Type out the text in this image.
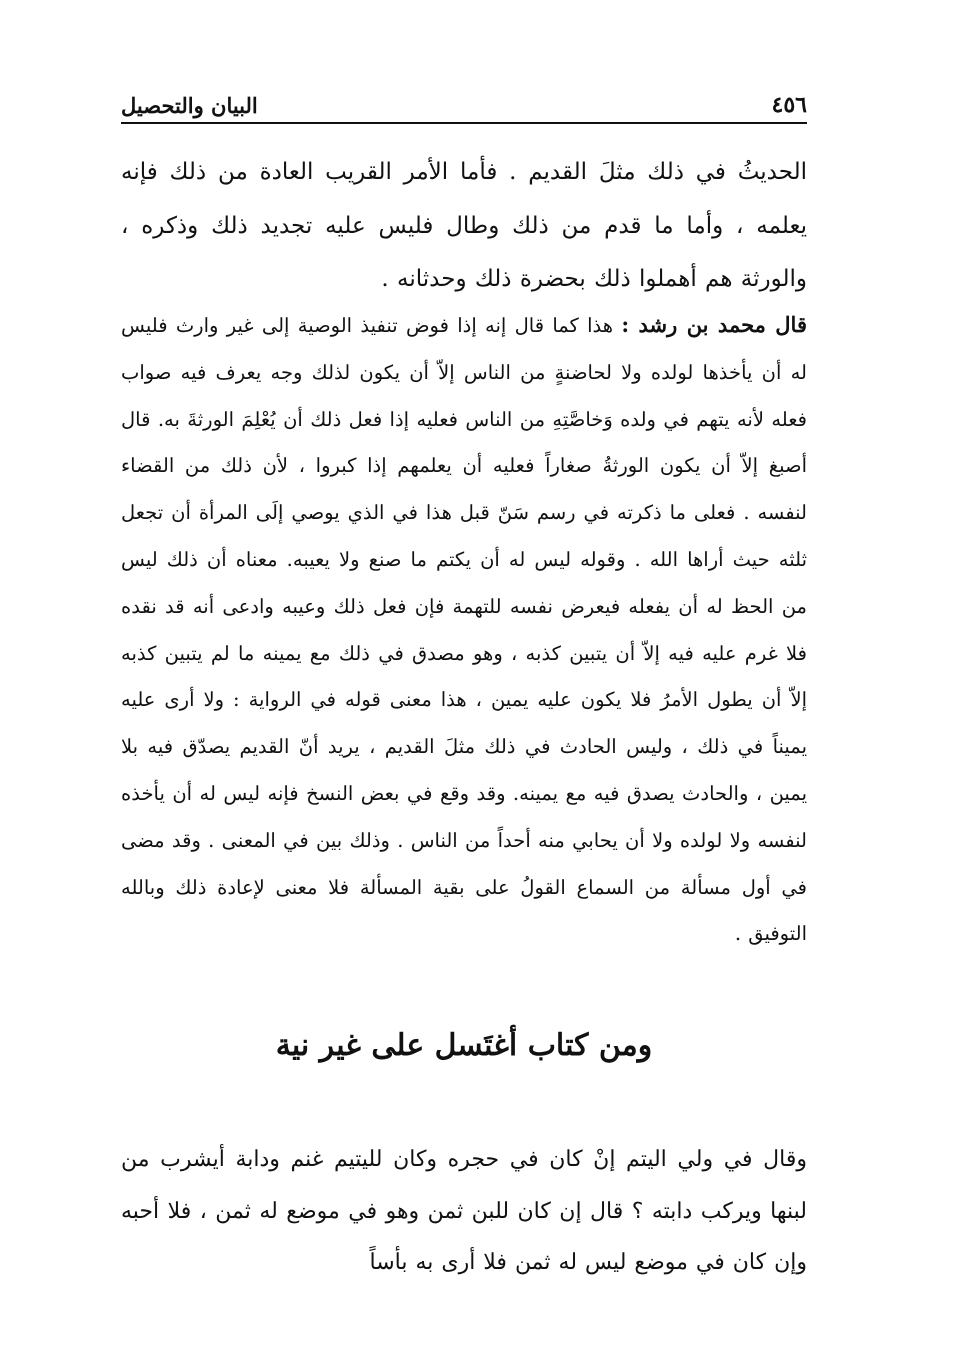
٤٥٦
البيان والتحصيل

الحديثُ في ذلك مثلَ القديم . فأما الأمر القريب العادة من ذلك فإنه يعلمه ، وأما ما قدم من ذلك وطال فليس عليه تجديد ذلك وذكره ، والورثة هم أهملوا ذلك بحضرة ذلك وحدثانه .

قال محمد بن رشد : هذا كما قال إنه إذا فوض تنفيذ الوصية إلى غير وارث فليس له أن يأخذها لولده ولا لحاضنةٍ من الناس إلاّ أن يكون لذلك وجه يعرف فيه صواب فعله لأنه يتهم في ولده وَخاصَّتِهِ من الناس فعليه إذا فعل ذلك أن يُعْلِمَ الورثةَ به. قال أصبغ إلاّ أن يكون الورثةُ صغاراً فعليه أن يعلمهم إذا كبروا ، لأن ذلك من القضاء لنفسه . فعلى ما ذكرته في رسم سَنّ قبل هذا في الذي يوصي إلَى المرأة أن تجعل ثلثه حيث أراها الله . وقوله ليس له أن يكتم ما صنع ولا يعيبه. معناه أن ذلك ليس من الحظ له أن يفعله فيعرض نفسه للتهمة فإن فعل ذلك وعيبه وادعى أنه قد نقده فلا غرم عليه فيه إلاّ أن يتبين كذبه ، وهو مصدق في ذلك مع يمينه ما لم يتبين كذبه إلاّ أن يطول الأمرُ فلا يكون عليه يمين ، هذا معنى قوله في الرواية : ولا أرى عليه يميناً في ذلك ، وليس الحادث في ذلك مثلَ القديم ، يريد أنّ القديم يصدّق فيه بلا يمين ، والحادث يصدق فيه مع يمينه. وقد وقع في بعض النسخ فإنه ليس له أن يأخذه لنفسه ولا لولده ولا أن يحابي منه أحداً من الناس . وذلك بين في المعنى . وقد مضى في أول مسألة من السماع القولُ على بقية المسألة فلا معنى لإعادة ذلك وبالله التوفيق .

ومن كتاب أغتَسل على غير نية

وقال في ولي اليتم إنْ كان في حجره وكان لليتيم غنم ودابة أيشرب من لبنها ويركب دابته ؟ قال إن كان للبن ثمن وهو في موضع له ثمن ، فلا أحبه وإن كان في موضع ليس له ثمن فلا أرى به بأساً
